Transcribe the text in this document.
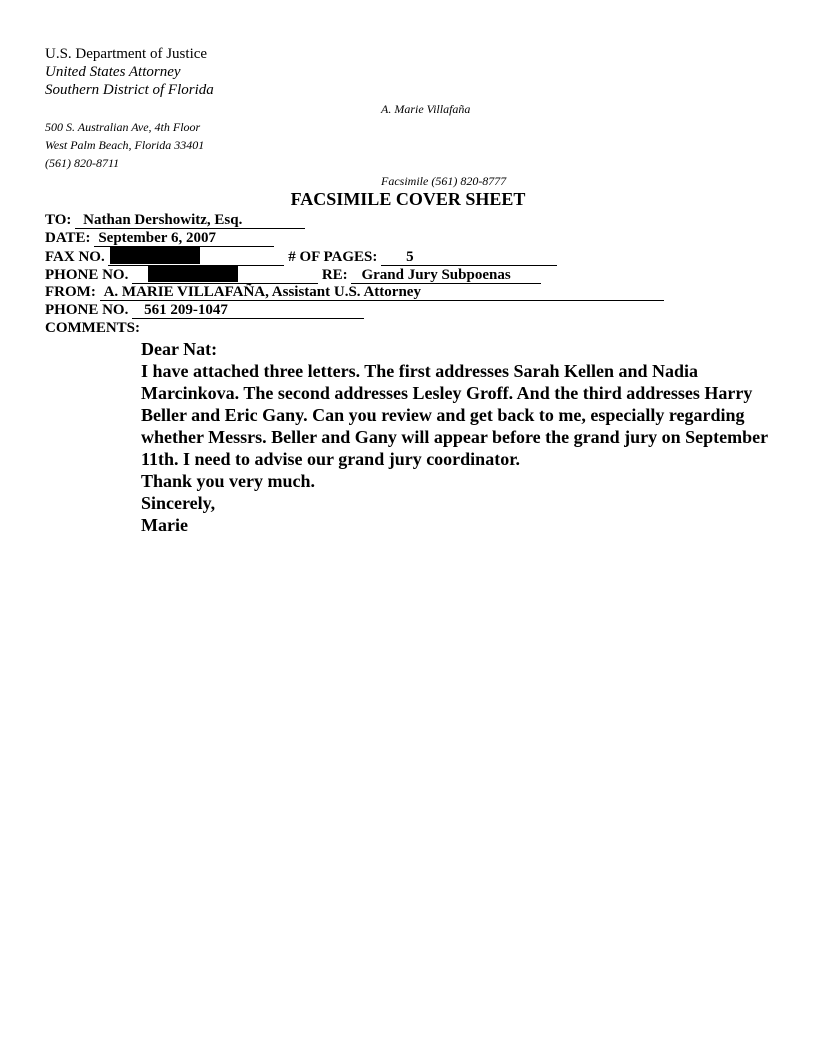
U.S. Department of Justice
United States Attorney
Southern District of Florida
A. Marie Villafaña
500 S. Australian Ave, 4th Floor
West Palm Beach, Florida 33401
(561) 820-8711
Facsimile (561) 820-8777
FACSIMILE COVER SHEET
TO: Nathan Dershowitz, Esq.
DATE: September 6, 2007
FAX NO.	# OF PAGES: 5
PHONE NO.	RE: Grand Jury Subpoenas
FROM: A. MARIE VILLAFAÑA, Assistant U.S. Attorney
PHONE NO. 561 209-1047
COMMENTS:

Dear Nat:

I have attached three letters. The first addresses Sarah Kellen and Nadia Marcinkova. The second addresses Lesley Groff. And the third addresses Harry Beller and Eric Gany. Can you review and get back to me, especially regarding whether Messrs. Beller and Gany will appear before the grand jury on September 11th. I need to advise our grand jury coordinator.

Thank you very much.

Sincerely,

Marie
